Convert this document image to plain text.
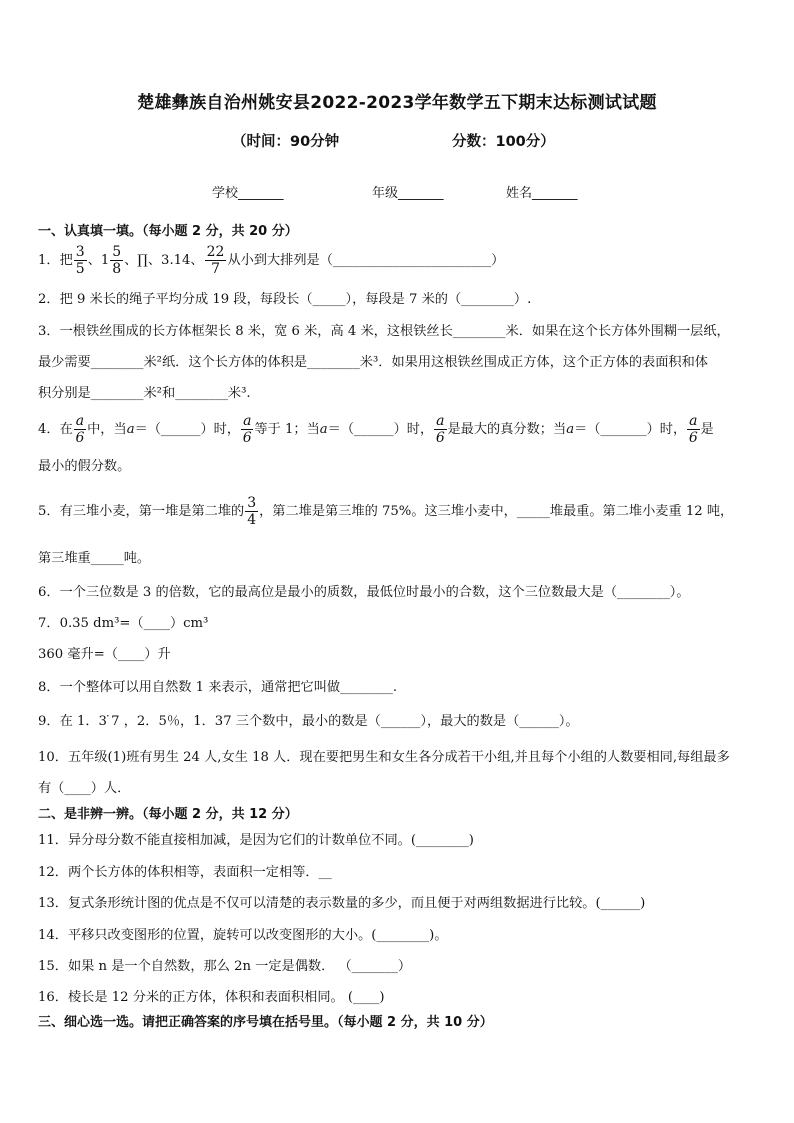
楚雄彝族自治州姚安县2022-2023学年数学五下期末达标测试试题
（时间：90分钟	分数：100分）
学校_______	年级_______	姓名_______
一、认真填一填。（每小题 2 分，共 20 分）
1．把 $\frac{3}{5}$ 、$1 \frac{5}{8}$ 、∏、3.14、 $\frac{22}{7}$ 从小到大排列是（________________________）
2．把 9 米长的绳子平均分成 19 段，每段长（_____），每段是 7 米的（________）.
3．一根铁丝围成的长方体框架长 8 米，宽 6 米，高 4 米，这根铁丝长________米．如果在这个长方体外围糊一层纸，
最少需要________米²纸．这个长方体的体积是________米³．如果用这根铁丝围成正方体，这个正方体的表面积和体
积分别是________米²和________米³.
4．在 $\frac{a}{6}$ 中，当a＝（______）时， $\frac{a}{6}$ 等于 1；当a＝（______）时， $\frac{a}{6}$ 是最大的真分数；当a＝（_______）时， $\frac{a}{6}$ 是
最小的假分数。
5．有三堆小麦，第一堆是第二堆的 $\frac{3}{4}$ ，第二堆是第三堆的 75%。这三堆小麦中，_____堆最重。第二堆小麦重 12 吨，
第三堆重_____吨。
6．一个三位数是 3 的倍数，它的最高位是最小的质数，最低位时最小的合数，这个三位数最大是（________）。
7．0.35 dm³=（____）cm³
360 毫升=（____）升
8．一个整体可以用自然数 1 来表示，通常把它叫做________.
9．在 1．3 ̇7 ，2．5％，1．37 三个数中，最小的数是（______），最大的数是（______）。
10．五年级(1)班有男生 24 人,女生 18 人．现在要把男生和女生各分成若干小组,并且每个小组的人数要相同,每组最多
有（____）人．
二、是非辨一辨。（每小题 2 分，共 12 分）
11．异分母分数不能直接相加减，是因为它们的计数单位不同。(________)
12．两个长方体的体积相等，表面积一定相等．__
13．复式条形统计图的优点是不仅可以清楚的表示数量的多少，而且便于对两组数据进行比较。(______)
14．平移只改变图形的位置，旋转可以改变图形的大小。(________)。
15．如果 n 是一个自然数，那么 2n 一定是偶数． （_______）
16．棱长是 12 分米的正方体，体积和表面积相同。 (____)
三、细心选一选。请把正确答案的序号填在括号里。（每小题 2 分，共 10 分）
